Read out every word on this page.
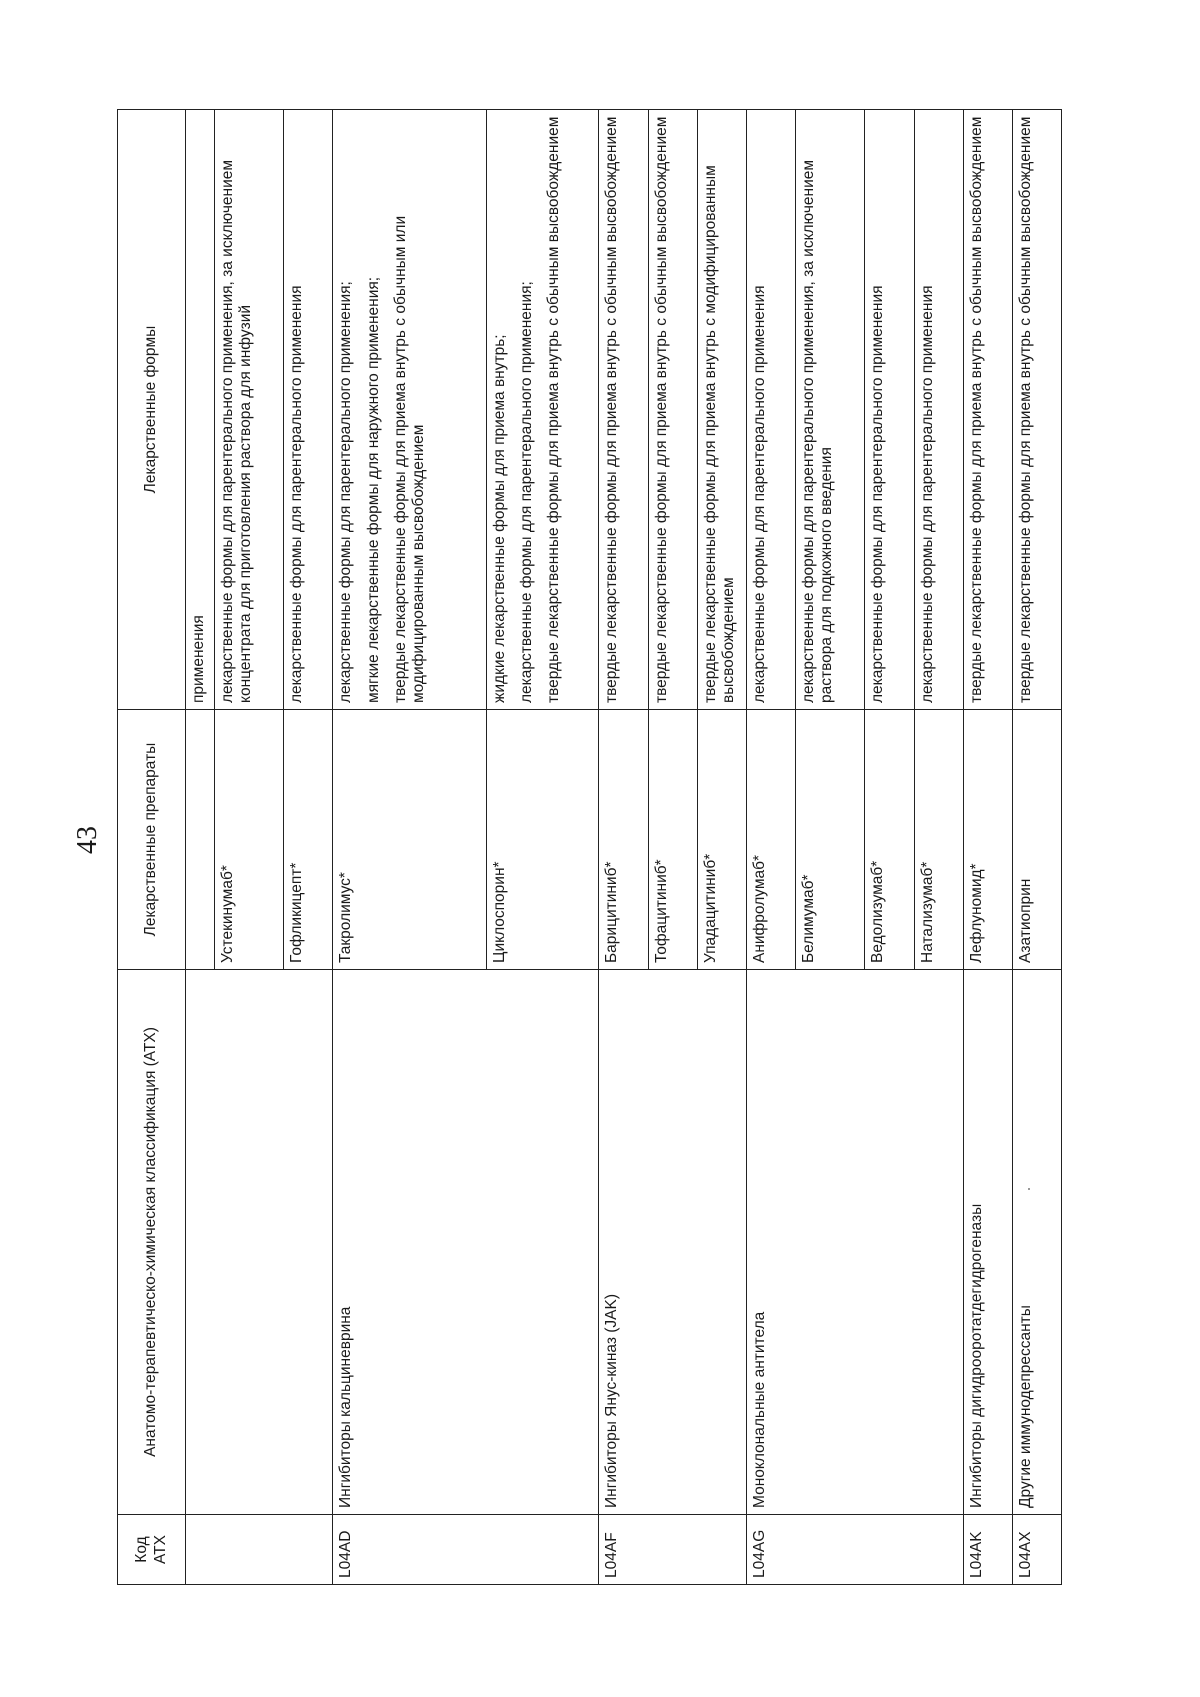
43
Код АТХ	Анатомо-терапевтическо-химическая классификация (АТХ)	Лекарственные препараты	Лекарственные формы

			применения

		Устекинумаб*	лекарственные формы для парентерального применения, за исключением концентрата для приготовления раствора для инфузий

		Гофликицепт*	лекарственные формы для парентерального применения

L04AD	Ингибиторы кальциневрина	Такролимус*	лекарственные формы для парентерального применения; мягкие лекарственные формы для наружного применения; твердые лекарственные формы для приема внутрь с обычным или модифицированным высвобождением

		Циклоспорин*	жидкие лекарственные формы для приема внутрь; лекарственные формы для парентерального применения; твердые лекарственные формы для приема внутрь с обычным высвобождением

L04AF	Ингибиторы Янус-киназ (JAK)	Барицитиниб*	твердые лекарственные формы для приема внутрь с обычным высвобождением

		Тофацитиниб*	твердые лекарственные формы для приема внутрь с обычным высвобождением

		Упадацитиниб*	твердые лекарственные формы для приема внутрь с модифицированным высвобождением

L04AG	Моноклональные антитела	Анифролумаб*	лекарственные формы для парентерального применения

		Белимумаб*	лекарственные формы для парентерального применения, за исключением раствора для подкожного введения

		Ведолизумаб*	лекарственные формы для парентерального применения

		Натализумаб*	лекарственные формы для парентерального применения

L04AK	Ингибиторы дигидрооротатдегидрогеназы	Лефлуномид*	твердые лекарственные формы для приема внутрь с обычным высвобождением

L04AX	Другие иммунодепрессанты	Азатиоприн	твердые лекарственные формы для приема внутрь с обычным высвобождением
